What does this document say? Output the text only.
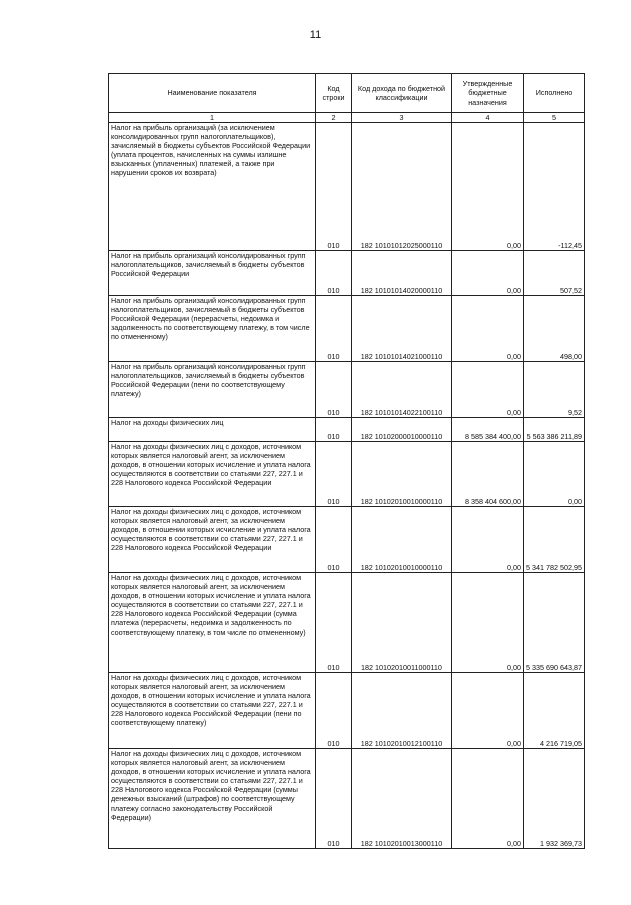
11
Наименование показателя	Код строки	Код дохода по бюджетной классификации	Утвержденные бюджетные назначения	Исполнено
1	2	3	4	5
Налог на прибыль организаций (за исключением консолидированных групп налогоплательщиков), зачисляемый в бюджеты субъектов Российской Федерации (уплата процентов, начисленных на суммы излишне взысканных (уплаченных) платежей, а также при нарушении сроков их возврата)	010	182 10101012025000110	0,00	-112,45
Налог на прибыль организаций консолидированных групп налогоплательщиков, зачисляемый в бюджеты субъектов Российской Федерации	010	182 10101014020000110	0,00	507,52
Налог на прибыль организаций консолидированных групп налогоплательщиков, зачисляемый в бюджеты субъектов Российской Федерации (перерасчеты, недоимка и задолженность по соответствующему платежу, в том числе по отмененному)	010	182 10101014021000110	0,00	498,00
Налог на прибыль организаций консолидированных групп налогоплательщиков, зачисляемый в бюджеты субъектов Российской Федерации (пени по соответствующему платежу)	010	182 10101014022100110	0,00	9,52
Налог на доходы физических лиц	010	182 10102000010000110	8 585 384 400,00	5 563 386 211,89
Налог на доходы физических лиц с доходов, источником которых является налоговый агент, за исключением доходов, в отношении которых исчисление и уплата налога осуществляются в соответствии со статьями 227, 227.1 и 228 Налогового кодекса Российской Федерации	010	182 10102010010000110	8 358 404 600,00	0,00
Налог на доходы физических лиц с доходов, источником которых является налоговый агент, за исключением доходов, в отношении которых исчисление и уплата налога осуществляются в соответствии со статьями 227, 227.1 и 228 Налогового кодекса Российской Федерации	010	182 10102010010000110	0,00	5 341 782 502,95
Налог на доходы физических лиц с доходов, источником которых является налоговый агент, за исключением доходов, в отношении которых исчисление и уплата налога осуществляются в соответствии со статьями 227, 227.1 и 228 Налогового кодекса Российской Федерации (сумма платежа (перерасчеты, недоимка и задолженность по соответствующему платежу, в том числе по отмененному)	010	182 10102010011000110	0,00	5 335 690 643,87
Налог на доходы физических лиц с доходов, источником которых является налоговый агент, за исключением доходов, в отношении которых исчисление и уплата налога осуществляются в соответствии со статьями 227, 227.1 и 228 Налогового кодекса Российской Федерации (пени по соответствующему платежу)	010	182 10102010012100110	0,00	4 216 719,05
Налог на доходы физических лиц с доходов, источником которых является налоговый агент, за исключением доходов, в отношении которых исчисление и уплата налога осуществляются в соответствии со статьями 227, 227.1 и 228 Налогового кодекса Российской Федерации (суммы денежных взысканий (штрафов) по соответствующему платежу согласно законодательству Российской Федерации)	010	182 10102010013000110	0,00	1 932 369,73
